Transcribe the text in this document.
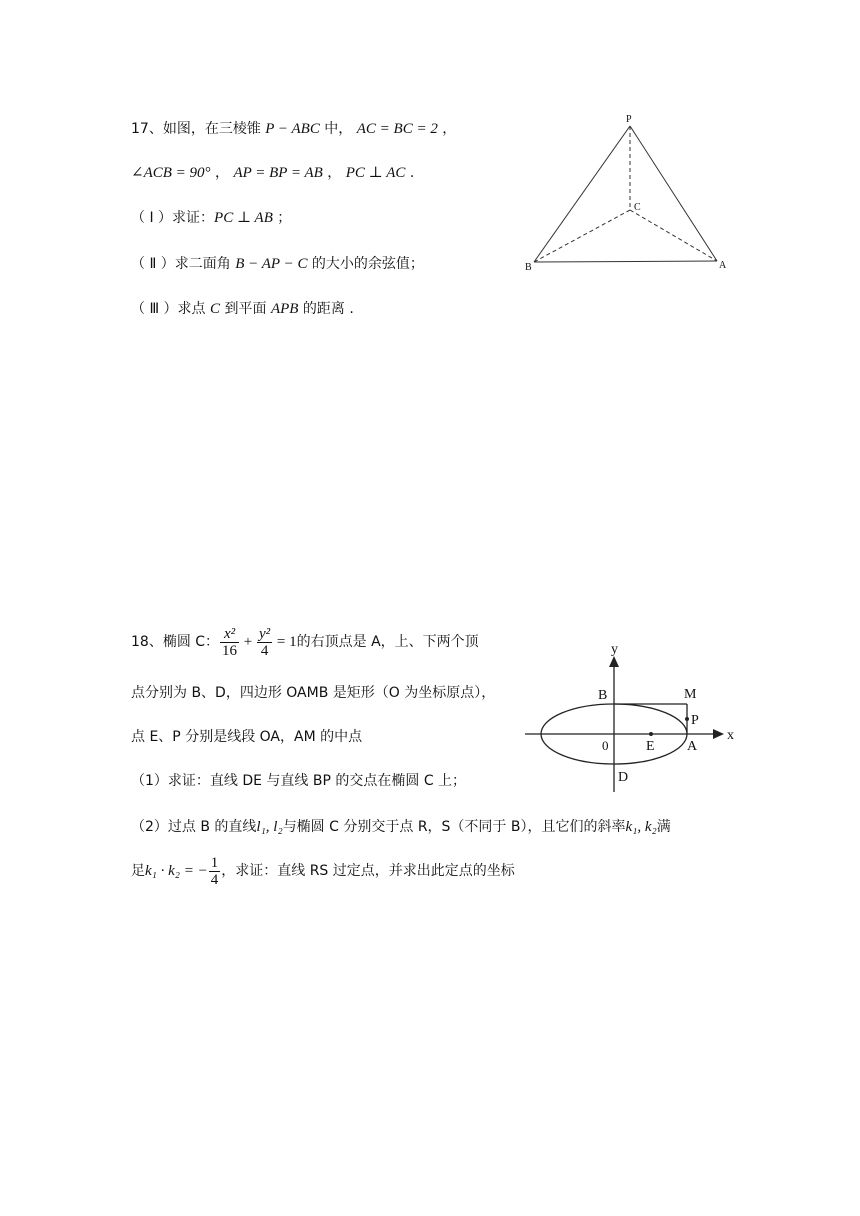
17、如图，在三棱锥 P − ABC 中， AC = BC = 2 ，
∠ACB = 90° ， AP = BP = AB ， PC ⊥ AC .
（ Ⅰ ）求证：PC ⊥ AB ；
（ Ⅱ ）求二面角 B − AP − C 的大小的余弦值；
（ Ⅲ ）求点 C 到平面 APB 的距离 .
P
C
B	A
18、椭圆 C： $\frac{\text{x²}}{16} + \frac{\text{y²}}{4} = 1$的右顶点是 A，上、下两个顶
点分别为 B、D，四边形 OAMB 是矩形（O 为坐标原点），
点 E、P 分别是线段 OA，AM 的中点
（1）求证：直线 DE 与直线 BP 的交点在椭圆 C 上；
（2）过点 B 的直线l₁, l₂与椭圆 C 分别交于点 R，S（不同于 B），且它们的斜率k₁, k₂满
足k₁ · k₂ = − $\frac{1}{4}$ ，求证：直线 RS 过定点，并求出此定点的坐标
y
x
B	M
P
0	E A
D
